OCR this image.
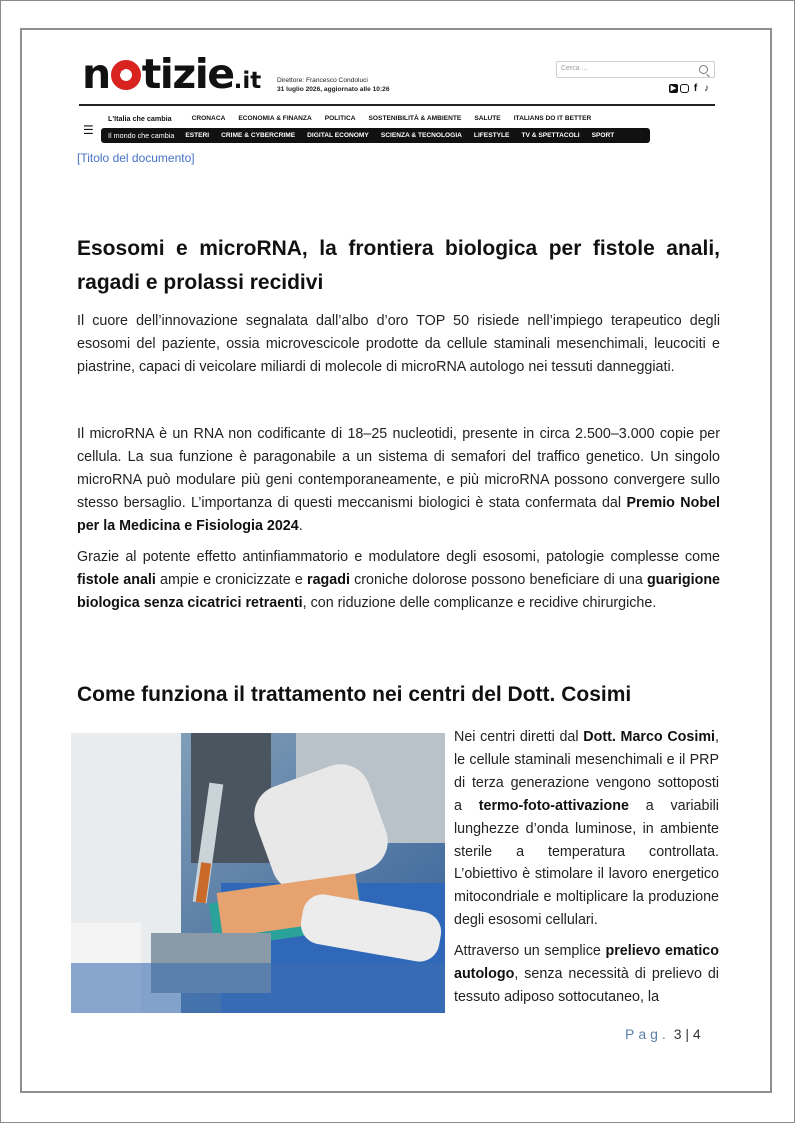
n tizie.it Direttore: Francesco Condoluci
31 luglio 2026, aggiornato alle 10:26
Cerca ...
▶ f ♪
☰
L'Italia che cambia	CRONACA ECONOMIA & FINANZA POLITICA SOSTENIBILITÀ & AMBIENTE SALUTE ITALIANS DO IT BETTER
Il mondo che cambia ESTERI CRIME & CYBERCRIME DIGITAL ECONOMY SCIENZA & TECNOLOGIA LIFESTYLE TV & SPETTACOLI SPORT
[Titolo del documento]
Esosomi e microRNA, la frontiera biologica per fistole anali, ragadi e prolassi recidivi
Il cuore dell’innovazione segnalata dall’albo d’oro TOP 50 risiede nell’impiego terapeutico degli esosomi del paziente, ossia microvescicole prodotte da cellule staminali mesenchimali, leucociti e piastrine, capaci di veicolare miliardi di molecole di microRNA autologo nei tessuti danneggiati.
Il microRNA è un RNA non codificante di 18–25 nucleotidi, presente in circa 2.500–3.000 copie per cellula. La sua funzione è paragonabile a un sistema di semafori del traffico genetico. Un singolo microRNA può modulare più geni contemporaneamente, e più microRNA possono convergere sullo stesso bersaglio. L’importanza di questi meccanismi biologici è stata confermata dal Premio Nobel per la Medicina e Fisiologia 2024.
Grazie al potente effetto antinfiammatorio e modulatore degli esosomi, patologie complesse come fistole anali ampie e cronicizzate e ragadi croniche dolorose possono beneficiare di una guarigione biologica senza cicatrici retraenti, con riduzione delle complicanze e recidive chirurgiche.
Come funziona il trattamento nei centri del Dott. Cosimi
Nei centri diretti dal Dott. Marco Cosimi, le cellule staminali mesenchimali e il PRP di terza generazione vengono sottoposti a termo-foto-attivazione a variabili lunghezze d’onda luminose, in ambiente sterile a temperatura controllata. L’obiettivo è stimolare il lavoro energetico mitocondriale e moltiplicare la produzione degli esosomi cellulari.
Attraverso un semplice prelievo ematico autologo, senza necessità di prelievo di tessuto adiposo sottocutaneo, la
Pag. 3 | 4
